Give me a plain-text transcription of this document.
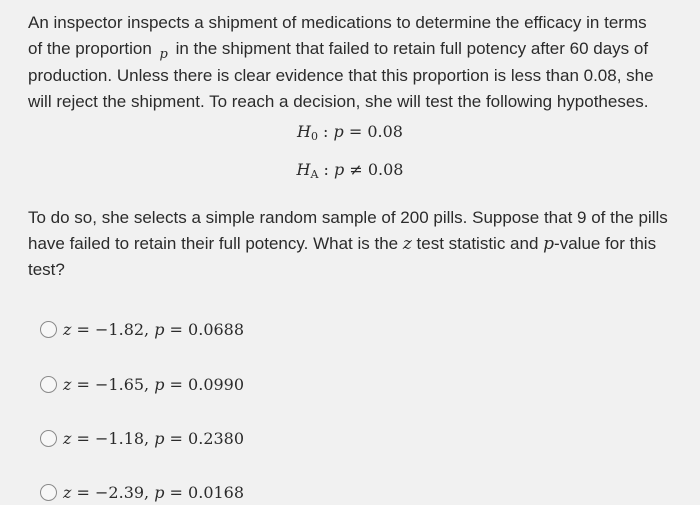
An inspector inspects a shipment of medications to determine the efficacy in terms

of the proportion $_p$ in the shipment that failed to retain full potency after 60 days of

production. Unless there is clear evidence that this proportion is less than 0.08, she

will reject the shipment. To reach a decision, she will test the following hypotheses.

$H_0$ : p = 0.08
$H_A$ : p ≠ 0.08

To do so, she selects a simple random sample of 200 pills. Suppose that 9 of the pills

have failed to retain their full potency. What is the z test statistic and p-value for this

test?

z = −1.82, p = 0.0688
z = −1.65, p = 0.0990
z = −1.18, p = 0.2380
z = −2.39, p = 0.0168
